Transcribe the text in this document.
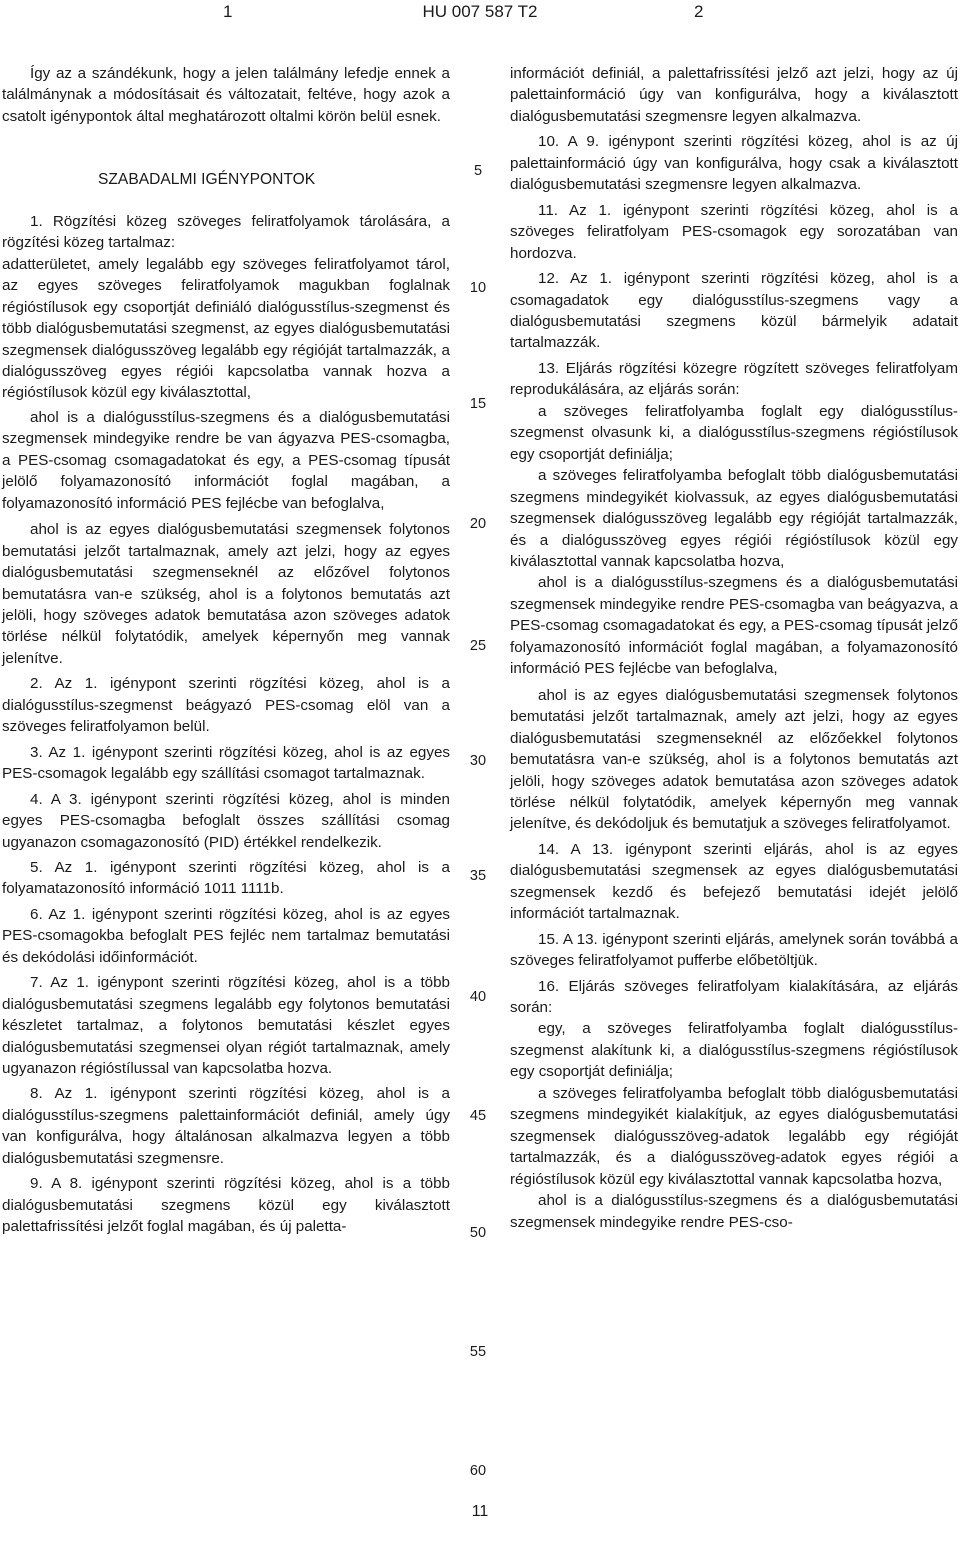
1	HU 007 587 T2	2

Így az a szándékunk, hogy a jelen találmány lefedje ennek a találmánynak a módosításait és változatait, feltéve, hogy azok a csatolt igénypontok által meghatározott oltalmi körön belül esnek.

SZABADALMI IGÉNYPONTOK

1. Rögzítési közeg szöveges feliratfolyamok tárolására, a rögzítési közeg tartalmaz:

adatterületet, amely legalább egy szöveges feliratfolyamot tárol, az egyes szöveges feliratfolyamok magukban foglalnak régióstílusok egy csoportját definiáló dialógusstílus-szegmenst és több dialógusbemutatási szegmenst, az egyes dialógusbemutatási szegmensek dialógusszöveg legalább egy régióját tartalmazzák, a dialógusszöveg egyes régiói kapcsolatba vannak hozva a régióstílusok közül egy kiválasztottal,

ahol is a dialógusstílus-szegmens és a dialógusbemutatási szegmensek mindegyike rendre be van ágyazva PES-csomagba, a PES-csomag csomagadatokat és egy, a PES-csomag típusát jelölő folyamazonosító információt foglal magában, a folyamazonosító információ PES fejlécbe van befoglalva,

ahol is az egyes dialógusbemutatási szegmensek folytonos bemutatási jelzőt tartalmaznak, amely azt jelzi, hogy az egyes dialógusbemutatási szegmenseknél az előzővel folytonos bemutatásra van-e szükség, ahol is a folytonos bemutatás azt jelöli, hogy szöveges adatok bemutatása azon szöveges adatok törlése nélkül folytatódik, amelyek képernyőn meg vannak jelenítve.

2. Az 1. igénypont szerinti rögzítési közeg, ahol is a dialógusstílus-szegmenst beágyazó PES-csomag elöl van a szöveges feliratfolyamon belül.

3. Az 1. igénypont szerinti rögzítési közeg, ahol is az egyes PES-csomagok legalább egy szállítási csomagot tartalmaznak.

4. A 3. igénypont szerinti rögzítési közeg, ahol is minden egyes PES-csomagba befoglalt összes szállítási csomag ugyanazon csomagazonosító (PID) értékkel rendelkezik.

5. Az 1. igénypont szerinti rögzítési közeg, ahol is a folyamatazonosító információ 1011 1111b.

6. Az 1. igénypont szerinti rögzítési közeg, ahol is az egyes PES-csomagokba befoglalt PES fejléc nem tartalmaz bemutatási és dekódolási időinformációt.

7. Az 1. igénypont szerinti rögzítési közeg, ahol is a több dialógusbemutatási szegmens legalább egy folytonos bemutatási készletet tartalmaz, a folytonos bemutatási készlet egyes dialógusbemutatási szegmensei olyan régiót tartalmaznak, amely ugyanazon régióstílussal van kapcsolatba hozva.

8. Az 1. igénypont szerinti rögzítési közeg, ahol is a dialógusstílus-szegmens palettainformációt definiál, amely úgy van konfigurálva, hogy általánosan alkalmazva legyen a több dialógusbemutatási szegmensre.

9. A 8. igénypont szerinti rögzítési közeg, ahol is a több dialógusbemutatási szegmens közül egy kiválasztott palettafrissítési jelzőt foglal magában, és új paletta-

információt definiál, a palettafrissítési jelző azt jelzi, hogy az új palettainformáció úgy van konfigurálva, hogy a kiválasztott dialógusbemutatási szegmensre legyen alkalmazva.

10. A 9. igénypont szerinti rögzítési közeg, ahol is az új palettainformáció úgy van konfigurálva, hogy csak a kiválasztott dialógusbemutatási szegmensre legyen alkalmazva.

11. Az 1. igénypont szerinti rögzítési közeg, ahol is a szöveges feliratfolyam PES-csomagok egy sorozatában van hordozva.

12. Az 1. igénypont szerinti rögzítési közeg, ahol is a csomagadatok egy dialógusstílus-szegmens vagy a dialógusbemutatási szegmens közül bármelyik adatait tartalmazzák.

13. Eljárás rögzítési közegre rögzített szöveges feliratfolyam reprodukálására, az eljárás során:

a szöveges feliratfolyamba foglalt egy dialógusstílus-szegmenst olvasunk ki, a dialógusstílus-szegmens régióstílusok egy csoportját definiálja;

a szöveges feliratfolyamba befoglalt több dialógusbemutatási szegmens mindegyikét kiolvassuk, az egyes dialógusbemutatási szegmensek dialógusszöveg legalább egy régióját tartalmazzák, és a dialógusszöveg egyes régiói régióstílusok közül egy kiválasztottal vannak kapcsolatba hozva,

ahol is a dialógusstílus-szegmens és a dialógusbemutatási szegmensek mindegyike rendre PES-csomagba van beágyazva, a PES-csomag csomagadatokat és egy, a PES-csomag típusát jelző folyamazonosító információt foglal magában, a folyamazonosító információ PES fejlécbe van befoglalva,

ahol is az egyes dialógusbemutatási szegmensek folytonos bemutatási jelzőt tartalmaznak, amely azt jelzi, hogy az egyes dialógusbemutatási szegmenseknél az előzőekkel folytonos bemutatásra van-e szükség, ahol is a folytonos bemutatás azt jelöli, hogy szöveges adatok bemutatása azon szöveges adatok törlése nélkül folytatódik, amelyek képernyőn meg vannak jelenítve, és dekódoljuk és bemutatjuk a szöveges feliratfolyamot.

14. A 13. igénypont szerinti eljárás, ahol is az egyes dialógusbemutatási szegmensek az egyes dialógusbemutatási szegmensek kezdő és befejező bemutatási idejét jelölő információt tartalmaznak.

15. A 13. igénypont szerinti eljárás, amelynek során továbbá a szöveges feliratfolyamot pufferbe előbetöltjük.

16. Eljárás szöveges feliratfolyam kialakítására, az eljárás során:

egy, a szöveges feliratfolyamba foglalt dialógusstílus-szegmenst alakítunk ki, a dialógusstílus-szegmens régióstílusok egy csoportját definiálja;

a szöveges feliratfolyamba befoglalt több dialógusbemutatási szegmens mindegyikét kialakítjuk, az egyes dialógusbemutatási szegmensek dialógusszöveg-adatok legalább egy régióját tartalmazzák, és a dialógusszöveg-adatok egyes régiói a régióstílusok közül egy kiválasztottal vannak kapcsolatba hozva,

ahol is a dialógusstílus-szegmens és a dialógusbemutatási szegmensek mindegyike rendre PES-cso-

5
10
15
20
25
30
35
40
45
50
55
60
11
